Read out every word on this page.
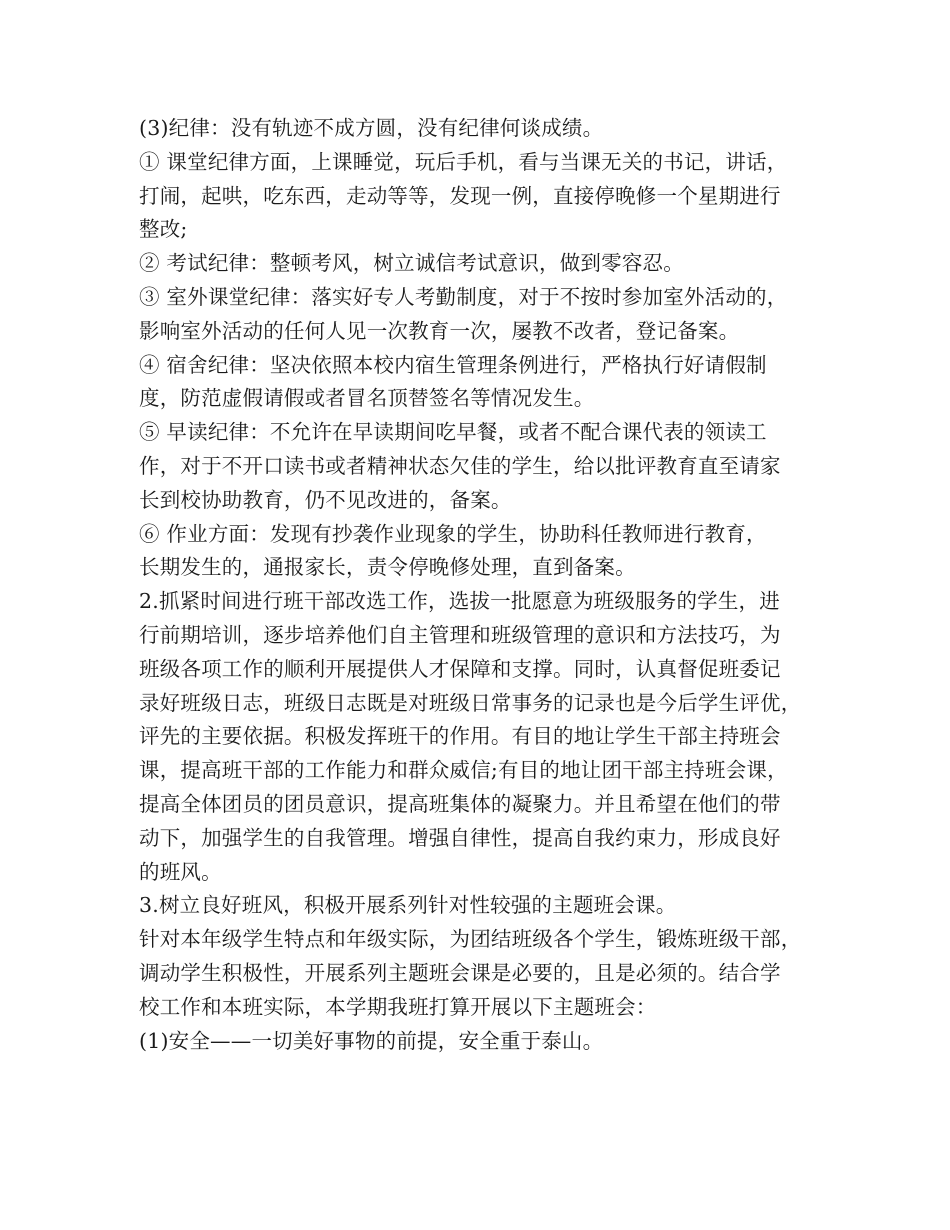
(3)纪律：没有轨迹不成方圆，没有纪律何谈成绩。
① 课堂纪律方面，上课睡觉，玩后手机，看与当课无关的书记，讲话，
打闹，起哄，吃东西，走动等等，发现一例，直接停晚修一个星期进行
整改;
② 考试纪律：整顿考风，树立诚信考试意识，做到零容忍。
③ 室外课堂纪律：落实好专人考勤制度，对于不按时参加室外活动的，
影响室外活动的任何人见一次教育一次，屡教不改者，登记备案。
④ 宿舍纪律：坚决依照本校内宿生管理条例进行，严格执行好请假制
度，防范虚假请假或者冒名顶替签名等情况发生。
⑤ 早读纪律：不允许在早读期间吃早餐，或者不配合课代表的领读工
作，对于不开口读书或者精神状态欠佳的学生，给以批评教育直至请家
长到校协助教育，仍不见改进的，备案。
⑥ 作业方面：发现有抄袭作业现象的学生，协助科任教师进行教育，
长期发生的，通报家长，责令停晚修处理，直到备案。
2.抓紧时间进行班干部改选工作，选拔一批愿意为班级服务的学生，进
行前期培训，逐步培养他们自主管理和班级管理的意识和方法技巧，为
班级各项工作的顺利开展提供人才保障和支撑。同时，认真督促班委记
录好班级日志，班级日志既是对班级日常事务的记录也是今后学生评优，
评先的主要依据。积极发挥班干的作用。有目的地让学生干部主持班会
课，提高班干部的工作能力和群众威信;有目的地让团干部主持班会课，
提高全体团员的团员意识，提高班集体的凝聚力。并且希望在他们的带
动下，加强学生的自我管理。增强自律性，提高自我约束力，形成良好
的班风。
3.树立良好班风，积极开展系列针对性较强的主题班会课。
针对本年级学生特点和年级实际，为团结班级各个学生，锻炼班级干部，
调动学生积极性，开展系列主题班会课是必要的，且是必须的。结合学
校工作和本班实际，本学期我班打算开展以下主题班会：
(1)安全——一切美好事物的前提，安全重于泰山。
